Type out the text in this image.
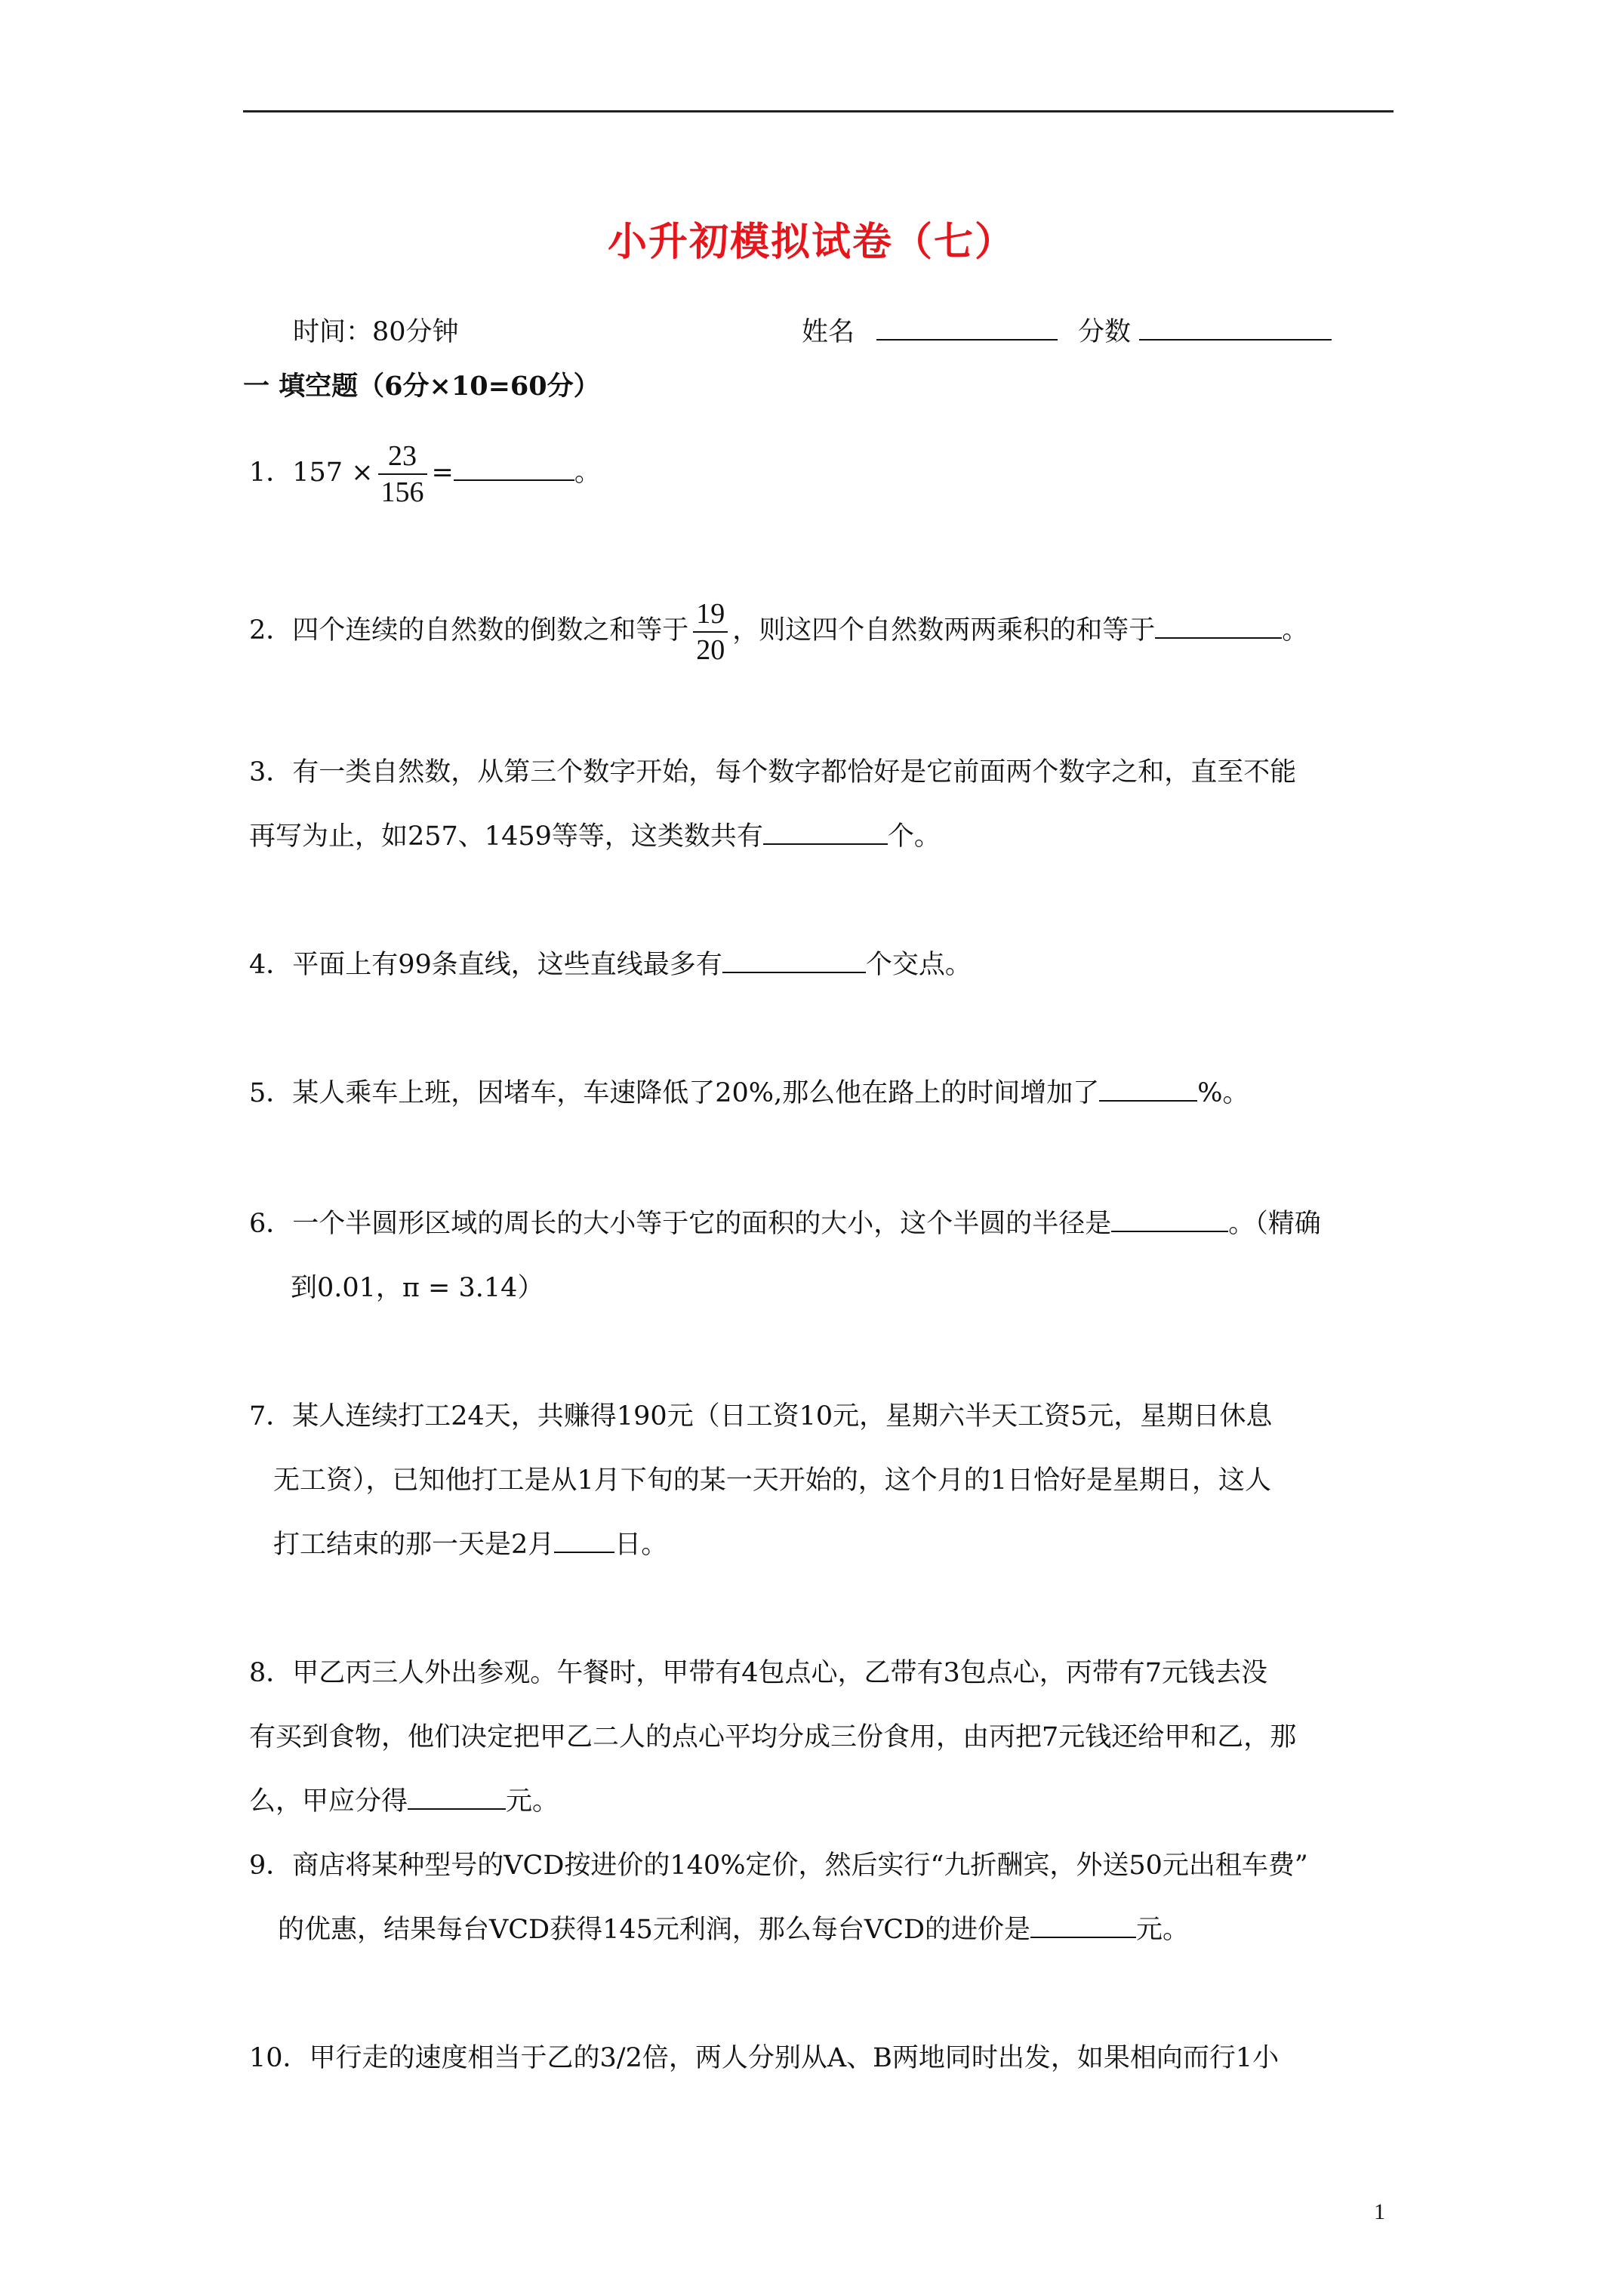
小升初模拟试卷（七）
时间：80分钟	姓名	分数
一 填空题（6分×10=60分）
1．$157 \times \frac{23}{156}$ =	。
2．四个连续的自然数的倒数之和等于 $\frac{19}{20}$ ，则这四个自然数两两乘积的和等于	。
3．有一类自然数，从第三个数字开始，每个数字都恰好是它前面两个数字之和，直至不能
再写为止，如257、1459等等，这类数共有	个。
4．平面上有99条直线，这些直线最多有	个交点。
5．某人乘车上班，因堵车，车速降低了20%,那么他在路上的时间增加了	%。
6．一个半圆形区域的周长的大小等于它的面积的大小，这个半圆的半径是	。（精确
到0.01，π = 3.14）
7．某人连续打工24天，共赚得190元（日工资10元，星期六半天工资5元，星期日休息
无工资），已知他打工是从1月下旬的某一天开始的，这个月的1日恰好是星期日，这人
打工结束的那一天是2月 日。
8．甲乙丙三人外出参观。午餐时，甲带有4包点心，乙带有3包点心，丙带有7元钱去没
有买到食物，他们决定把甲乙二人的点心平均分成三份食用，由丙把7元钱还给甲和乙，那
么，甲应分得	元。
9．商店将某种型号的VCD按进价的140%定价，然后实行“九折酬宾，外送50元出租车费”
的优惠，结果每台VCD获得145元利润，那么每台VCD的进价是	元。
10．甲行走的速度相当于乙的3/2倍，两人分别从A、B两地同时出发，如果相向而行1小
1
